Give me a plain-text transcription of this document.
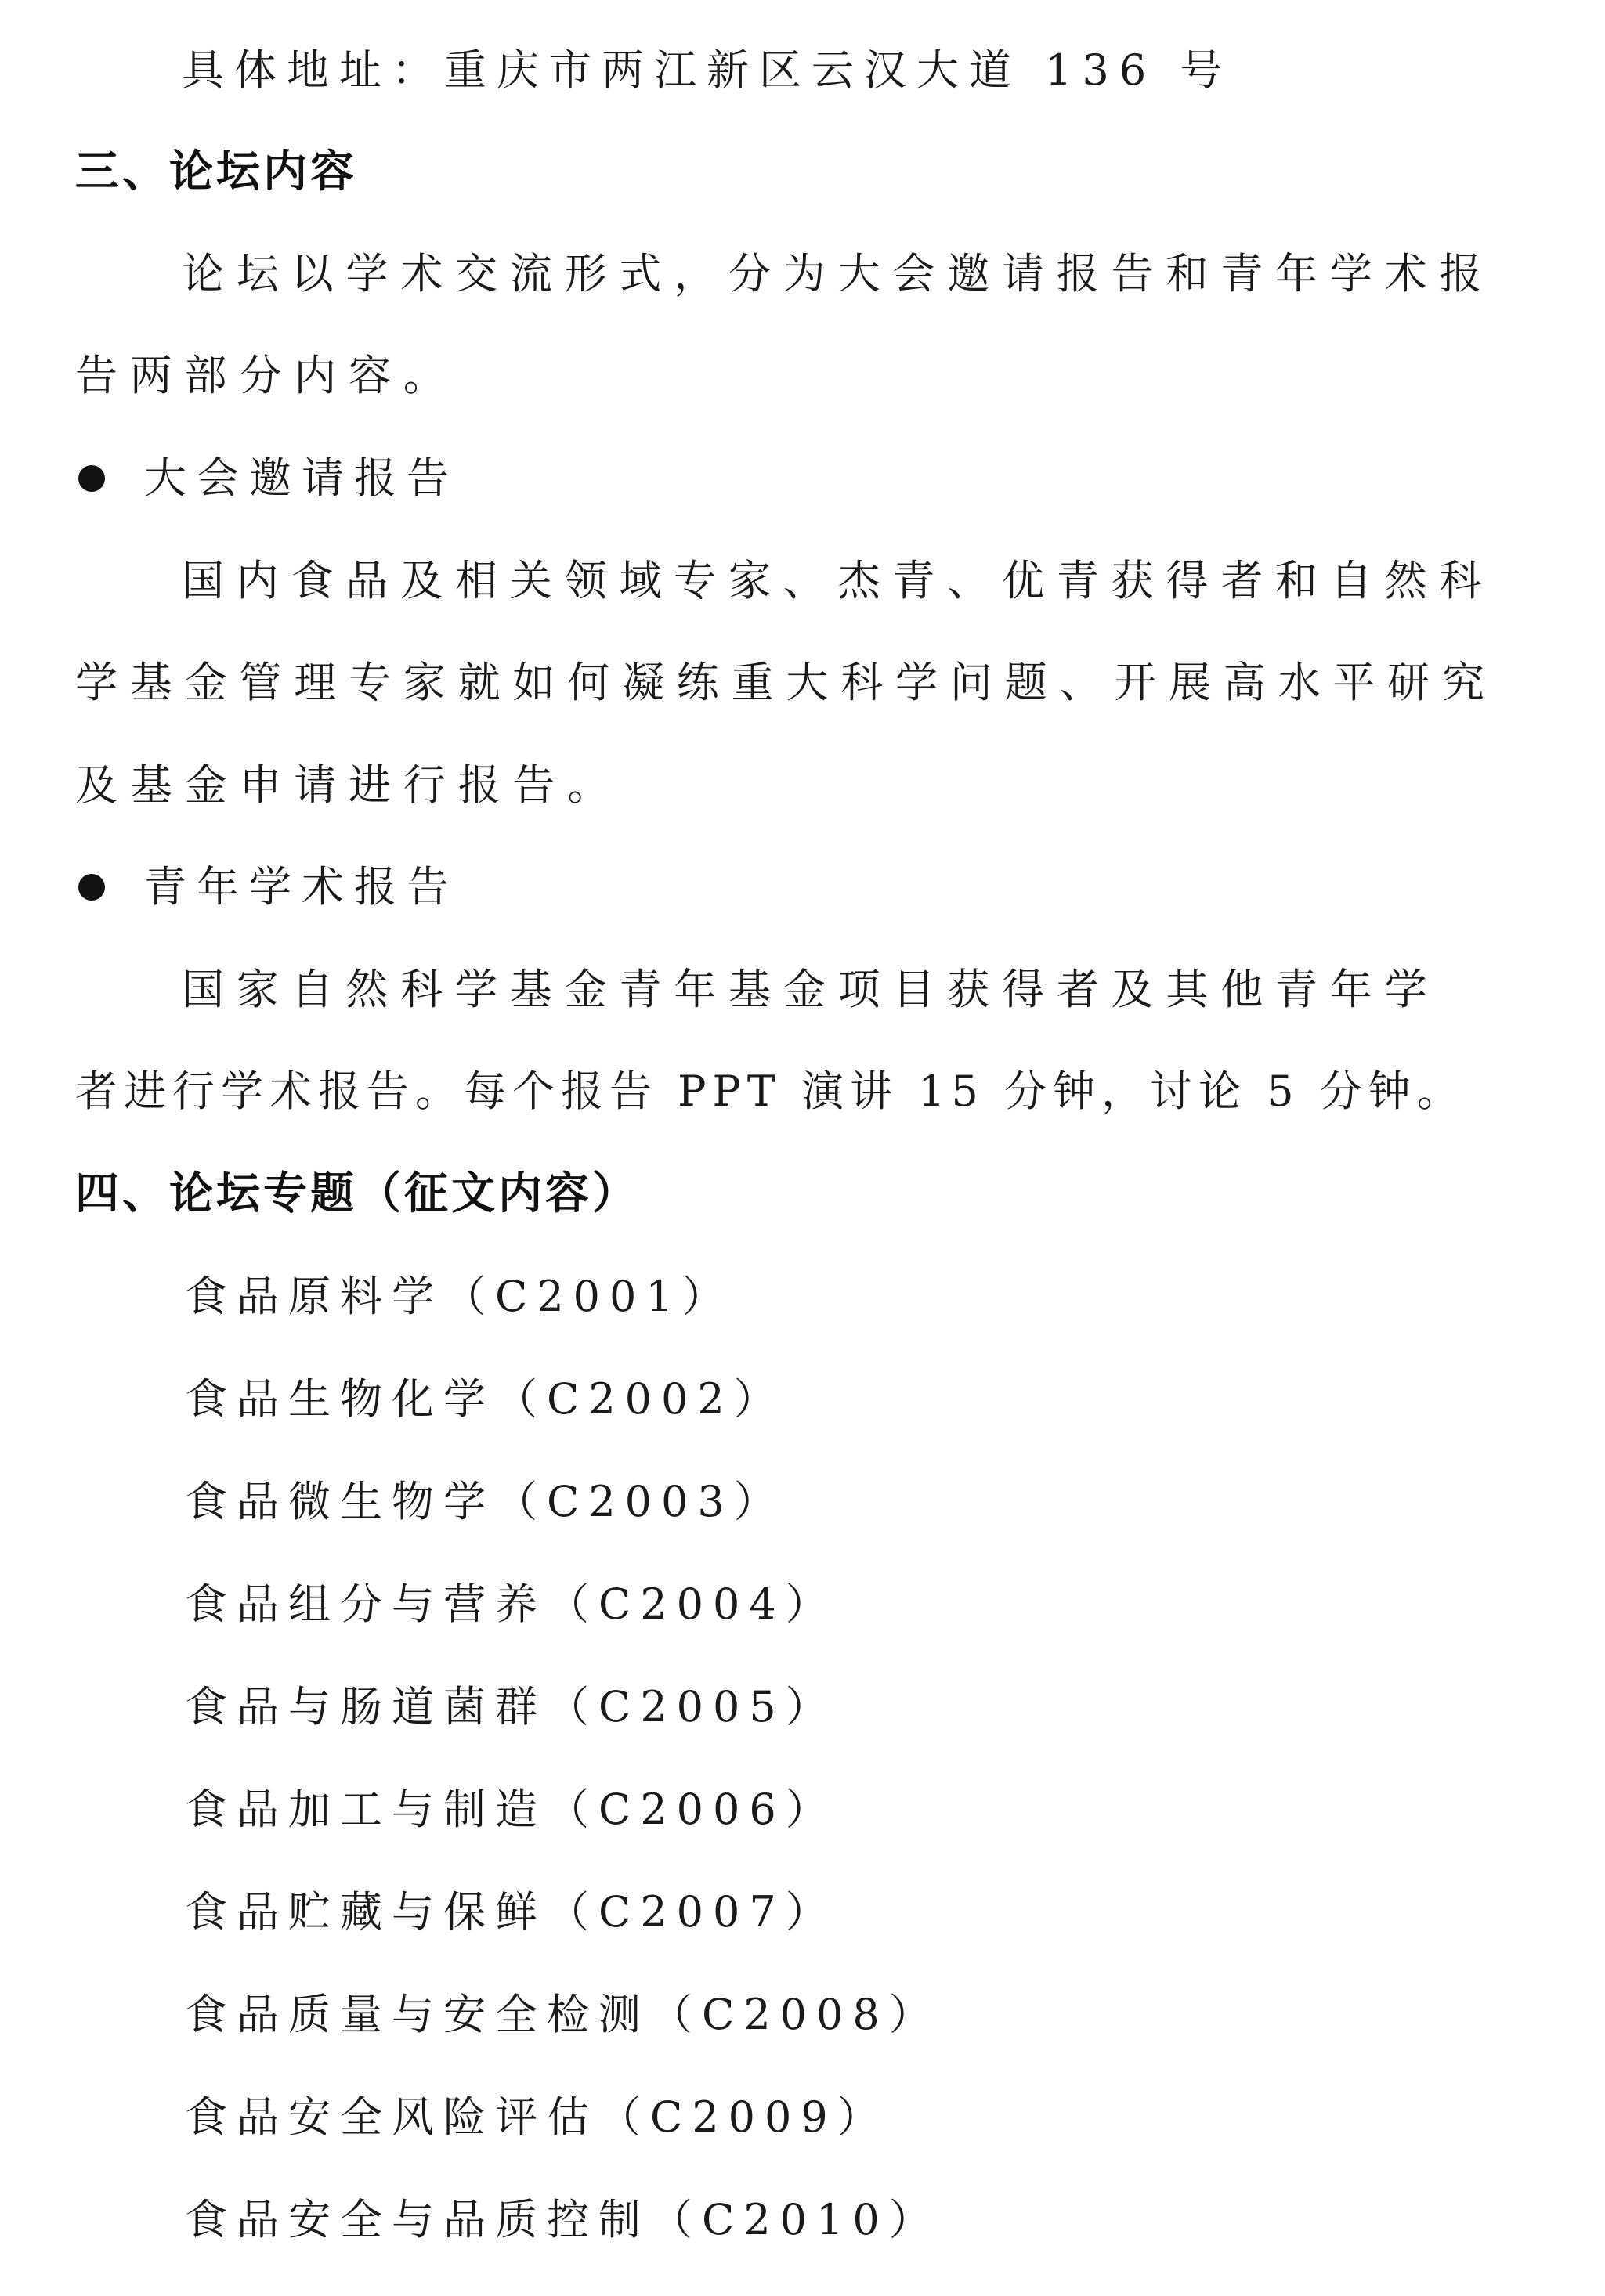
具体地址：重庆市两江新区云汉大道 136 号
三、论坛内容
论坛以学术交流形式，分为大会邀请报告和青年学术报
告两部分内容。
大会邀请报告
国内食品及相关领域专家、杰青、优青获得者和自然科
学基金管理专家就如何凝练重大科学问题、开展高水平研究
及基金申请进行报告。
青年学术报告
国家自然科学基金青年基金项目获得者及其他青年学
者进行学术报告。每个报告 PPT 演讲 15 分钟，讨论 5 分钟。
四、论坛专题（征文内容）
食品原料学（C2001）
食品生物化学（C2002）
食品微生物学（C2003）
食品组分与营养（C2004）
食品与肠道菌群（C2005）
食品加工与制造（C2006）
食品贮藏与保鲜（C2007）
食品质量与安全检测（C2008）
食品安全风险评估（C2009）
食品安全与品质控制（C2010）
